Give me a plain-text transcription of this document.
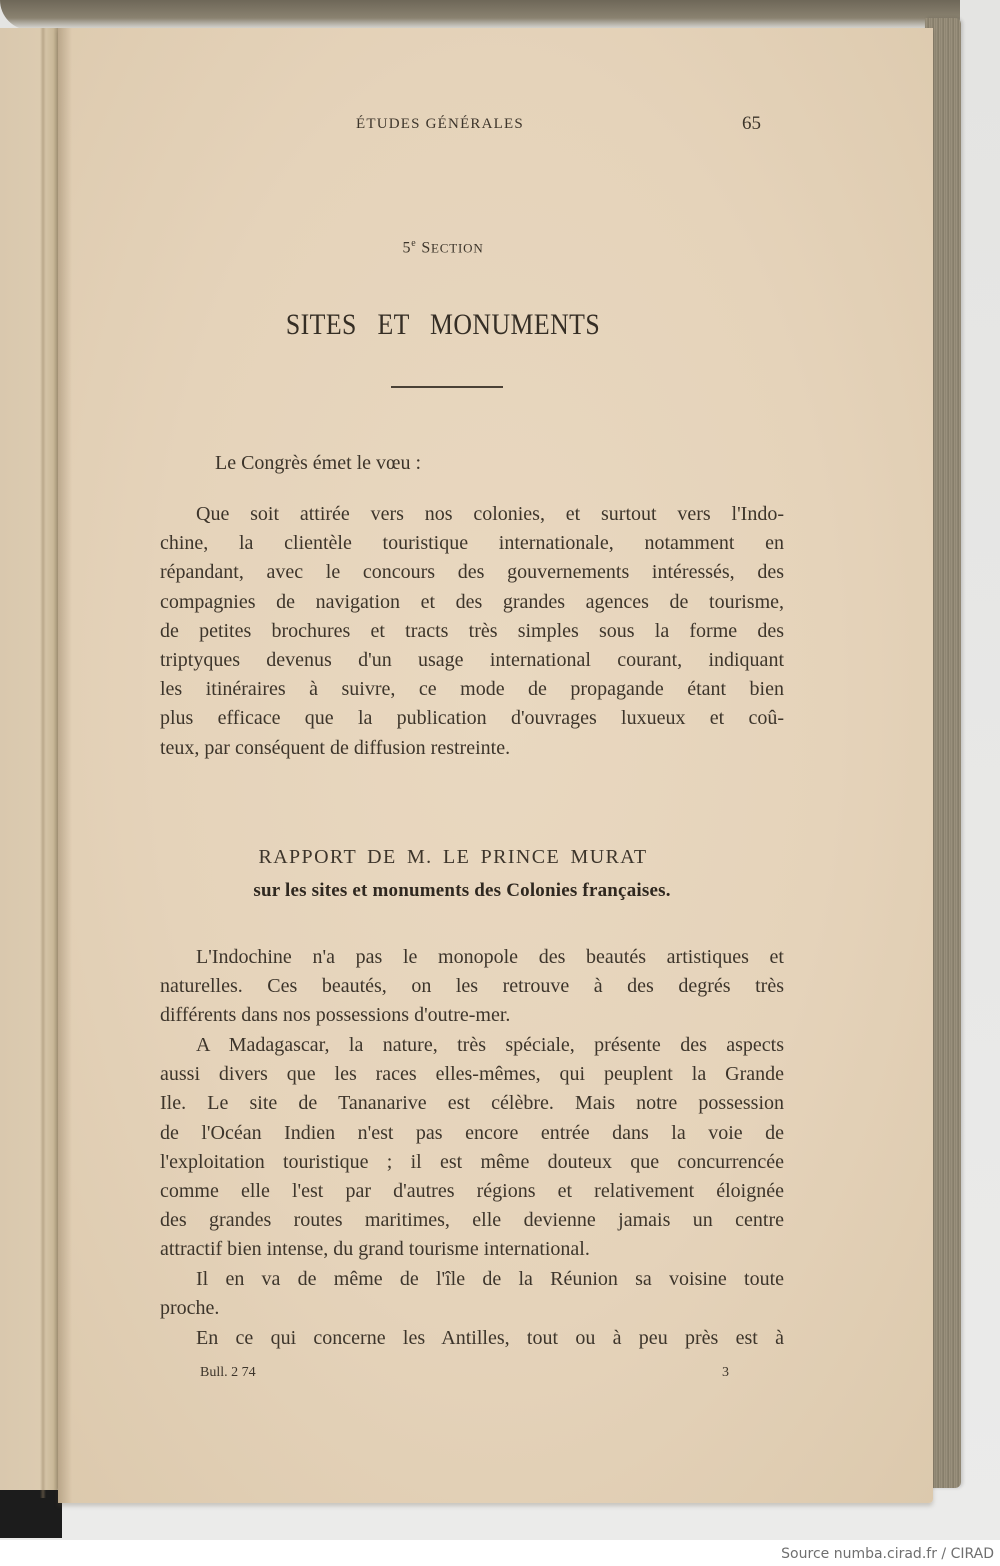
ÉTUDES GÉNÉRALES	65
5e SECTION
SITES ET MONUMENTS
Le Congrès émet le vœu :
Que soit attirée vers nos colonies, et surtout vers l'Indo-
chine, la clientèle touristique internationale, notamment en
répandant, avec le concours des gouvernements intéressés, des
compagnies de navigation et des grandes agences de tourisme,
de petites brochures et tracts très simples sous la forme des
triptyques devenus d'un usage international courant, indiquant
les itinéraires à suivre, ce mode de propagande étant bien
plus efficace que la publication d'ouvrages luxueux et coû-
teux, par conséquent de diffusion restreinte.
RAPPORT DE M. LE PRINCE MURAT
sur les sites et monuments des Colonies françaises.
L'Indochine n'a pas le monopole des beautés artistiques et
naturelles. Ces beautés, on les retrouve à des degrés très
différents dans nos possessions d'outre-mer.
A Madagascar, la nature, très spéciale, présente des aspects
aussi divers que les races elles-mêmes, qui peuplent la Grande
Ile. Le site de Tananarive est célèbre. Mais notre possession
de l'Océan Indien n'est pas encore entrée dans la voie de
l'exploitation touristique ; il est même douteux que concurrencée
comme elle l'est par d'autres régions et relativement éloignée
des grandes routes maritimes, elle devienne jamais un centre
attractif bien intense, du grand tourisme international.
Il en va de même de l'île de la Réunion sa voisine toute
proche.
En ce qui concerne les Antilles, tout ou à peu près est à
Bull. 2 74	3
Source numba.cirad.fr / CIRAD
